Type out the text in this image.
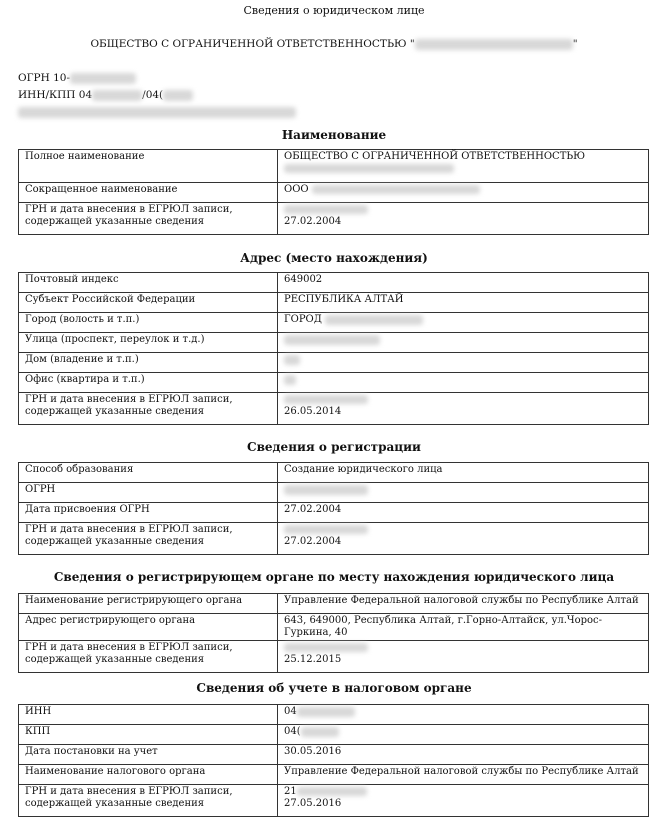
Сведения о юридическом лице
ОБЩЕСТВО С ОГРАНИЧЕННОЙ ОТВЕТСТВЕННОСТЬЮ "	"
ОГРН 10-
ИНН/КПП 04	/04(
Наименование
Полное наименование	ОБЩЕСТВО С ОГРАНИЧЕННОЙ ОТВЕТСТВЕННОСТЬЮ

Сокращенное наименование	ООО
ГРН и дата внесения в ЕГРЮЛ записи, содержащей указанные сведения	27.02.2004
Адрес (место нахождения)
Почтовый индекс	649002
Субъект Российской Федерации	РЕСПУБЛИКА АЛТАЙ
Город (волость и т.п.)	ГОРОД
Улица (проспект, переулок и т.д.)	
Дом (владение и т.п.)	
Офис (квартира и т.п.)	
ГРН и дата внесения в ЕГРЮЛ записи, содержащей указанные сведения	26.05.2014
Сведения о регистрации
Способ образования	Создание юридического лица
ОГРН	
Дата присвоения ОГРН	27.02.2004
ГРН и дата внесения в ЕГРЮЛ записи, содержащей указанные сведения	27.02.2004
Сведения о регистрирующем органе по месту нахождения юридического лица
Наименование регистрирующего органа	Управление Федеральной налоговой службы по Республике Алтай
Адрес регистрирующего органа	643, 649000, Республика Алтай, г.Горно-Алтайск, ул.Чорос-Гуркина, 40
ГРН и дата внесения в ЕГРЮЛ записи, содержащей указанные сведения	25.12.2015
Сведения об учете в налоговом органе
ИНН	04
КПП	04(
Дата постановки на учет	30.05.2016
Наименование налогового органа	Управление Федеральной налоговой службы по Республике Алтай
ГРН и дата внесения в ЕГРЮЛ записи, содержащей указанные сведения	21
27.05.2016
